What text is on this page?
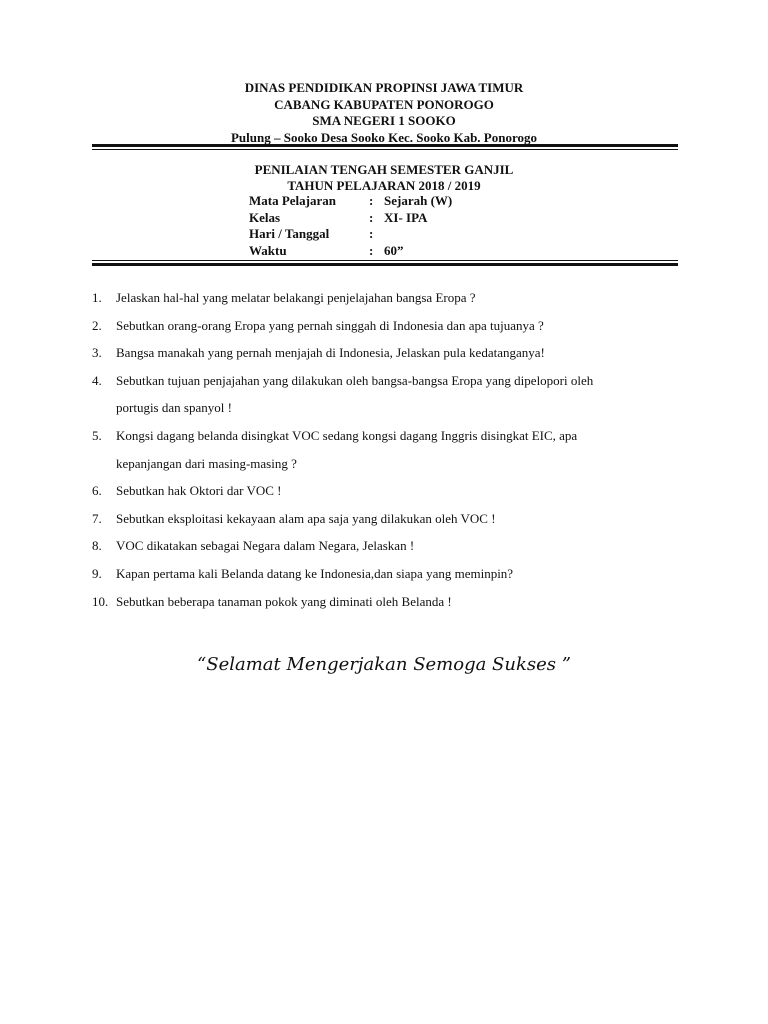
DINAS PENDIDIKAN PROPINSI JAWA TIMUR
CABANG KABUPATEN PONOROGO
SMA NEGERI 1 SOOKO
Pulung – Sooko Desa Sooko Kec. Sooko Kab. Ponorogo
PENILAIAN TENGAH SEMESTER GANJIL
TAHUN PELAJARAN 2018 / 2019
Mata Pelajaran	: Sejarah (W)
Kelas	: XI- IPA
Hari / Tanggal	:
Waktu	: 60”
1.	Jelaskan hal-hal yang melatar belakangi penjelajahan bangsa Eropa ?
2.	Sebutkan orang-orang Eropa yang pernah singgah di Indonesia dan apa tujuanya ?
3.	Bangsa manakah yang pernah menjajah di Indonesia, Jelaskan pula kedatanganya!
4.	Sebutkan tujuan penjajahan yang dilakukan oleh bangsa-bangsa Eropa yang dipelopori oleh
portugis dan spanyol !
5.	Kongsi dagang belanda disingkat VOC sedang kongsi dagang Inggris disingkat EIC, apa
kepanjangan dari masing-masing ?
6.	Sebutkan hak Oktori dar VOC !
7.	Sebutkan eksploitasi kekayaan alam apa saja yang dilakukan oleh VOC !
8.	VOC dikatakan sebagai Negara dalam Negara, Jelaskan !
9.	Kapan pertama kali Belanda datang ke Indonesia,dan siapa yang meminpin?
10. Sebutkan beberapa tanaman pokok yang diminati oleh Belanda !
“Selamat Mengerjakan Semoga Sukses ”
